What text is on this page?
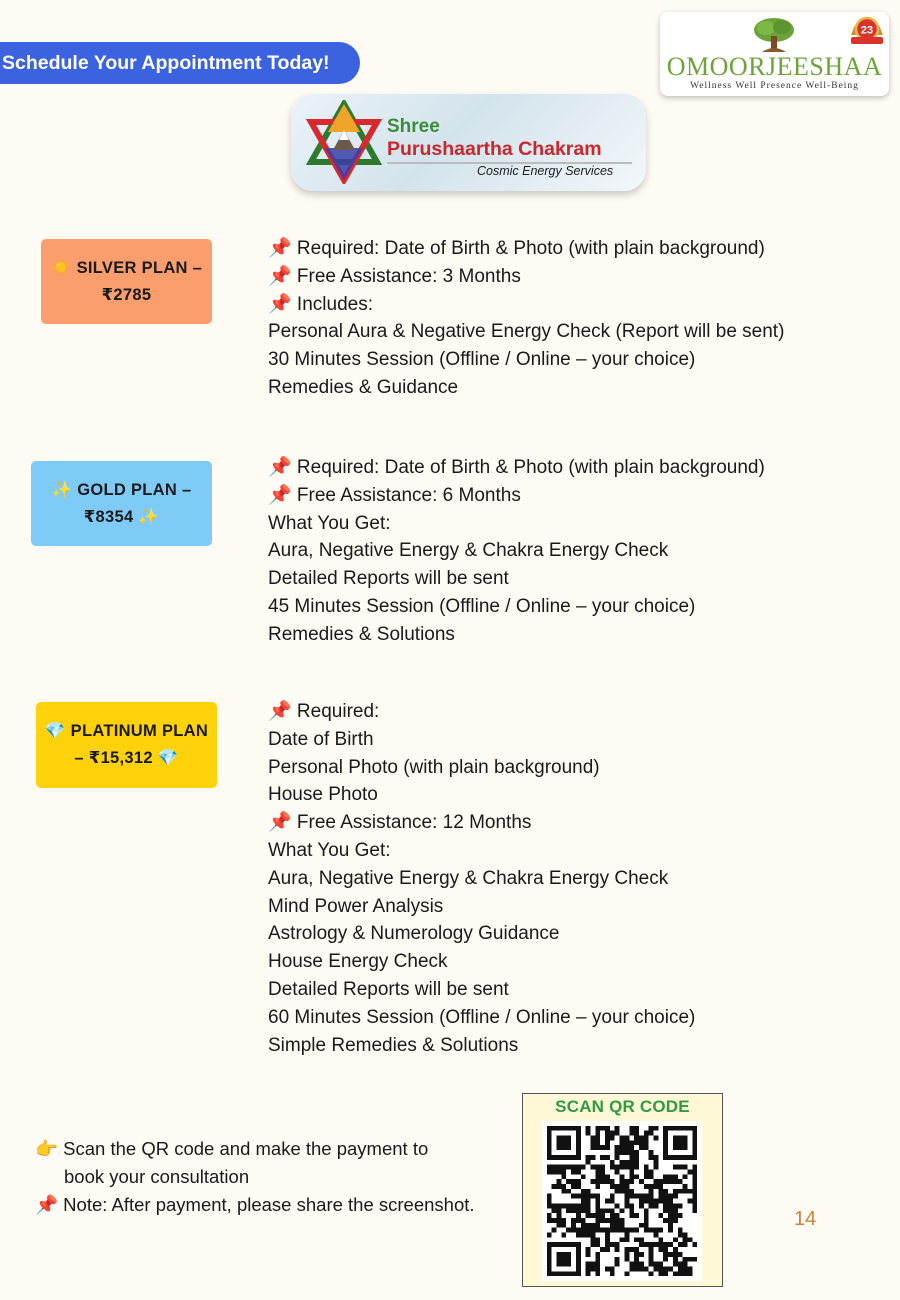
Schedule Your Appointment Today!
23
OMOORJEESHAA
Wellness Well Presence Well-Being
Shree
Purushaartha Chakram
Cosmic Energy Services
☀️ SILVER PLAN –
₹2785
📌 Required: Date of Birth & Photo (with plain background)
📌 Free Assistance: 3 Months
📌 Includes:
Personal Aura & Negative Energy Check (Report will be sent)
30 Minutes Session (Offline / Online – your choice)
Remedies & Guidance
✨ GOLD PLAN –
₹8354 ✨
📌 Required: Date of Birth & Photo (with plain background)
📌 Free Assistance: 6 Months
What You Get:
Aura, Negative Energy & Chakra Energy Check
Detailed Reports will be sent
45 Minutes Session (Offline / Online – your choice)
Remedies & Solutions
💎 PLATINUM PLAN
– ₹15,312 💎
📌 Required:
Date of Birth
Personal Photo (with plain background)
House Photo
📌 Free Assistance: 12 Months
What You Get:
Aura, Negative Energy & Chakra Energy Check
Mind Power Analysis
Astrology & Numerology Guidance
House Energy Check
Detailed Reports will be sent
60 Minutes Session (Offline / Online – your choice)
Simple Remedies & Solutions
👉 Scan the QR code and make the payment to
book your consultation
📌 Note: After payment, please share the screenshot.
SCAN QR CODE
14
